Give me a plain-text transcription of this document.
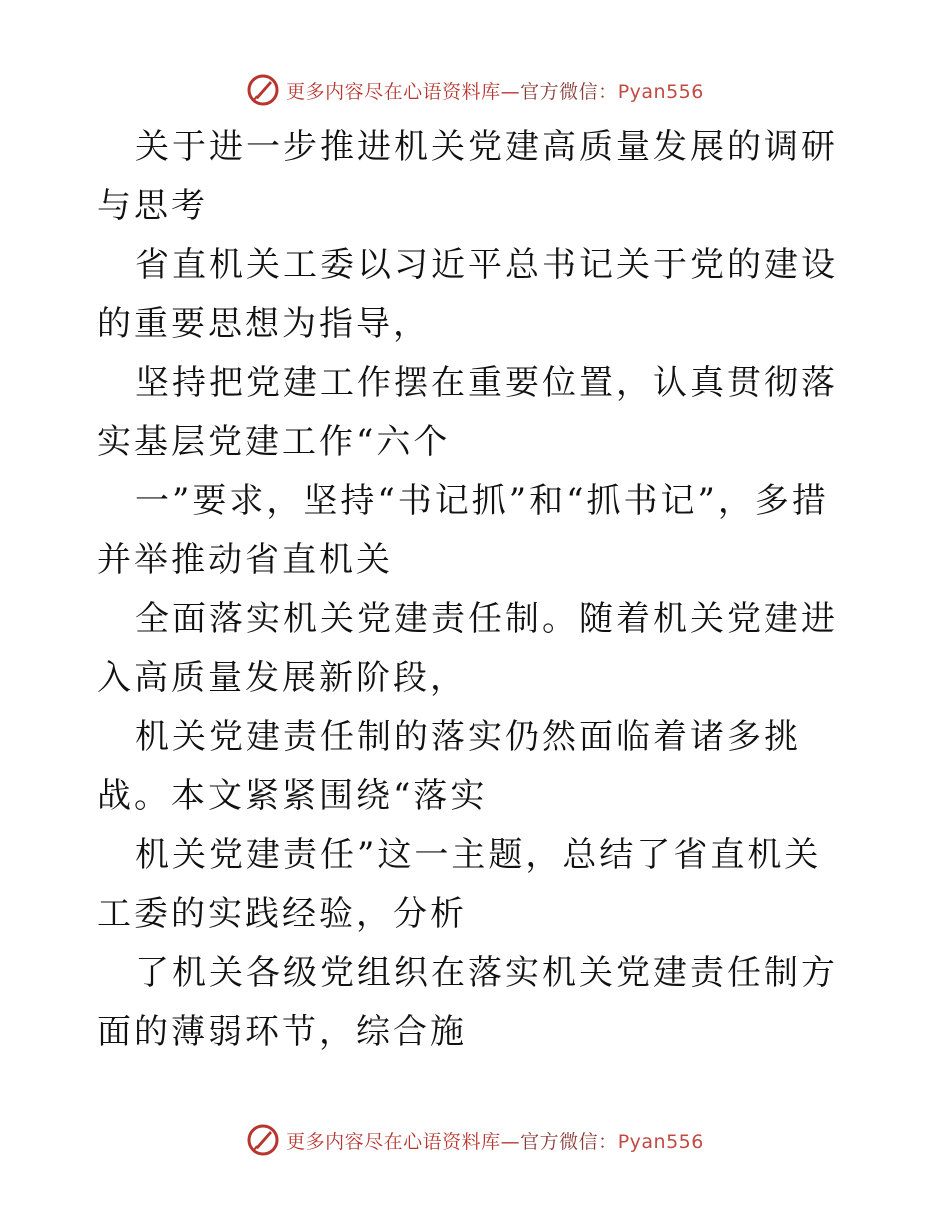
更多内容尽在心语资料库—官方微信：Pyan556

关于进一步推进机关党建高质量发展的调研与思考

省直机关工委以习近平总书记关于党的建设的重要思想为指导，

坚持把党建工作摆在重要位置，认真贯彻落实基层党建工作“六个

一”要求，坚持“书记抓”和“抓书记”，多措并举推动省直机关

全面落实机关党建责任制。随着机关党建进入高质量发展新阶段，

机关党建责任制的落实仍然面临着诸多挑战。本文紧紧围绕“落实

机关党建责任”这一主题，总结了省直机关工委的实践经验，分析

了机关各级党组织在落实机关党建责任制方面的薄弱环节，综合施

更多内容尽在心语资料库—官方微信：Pyan556
